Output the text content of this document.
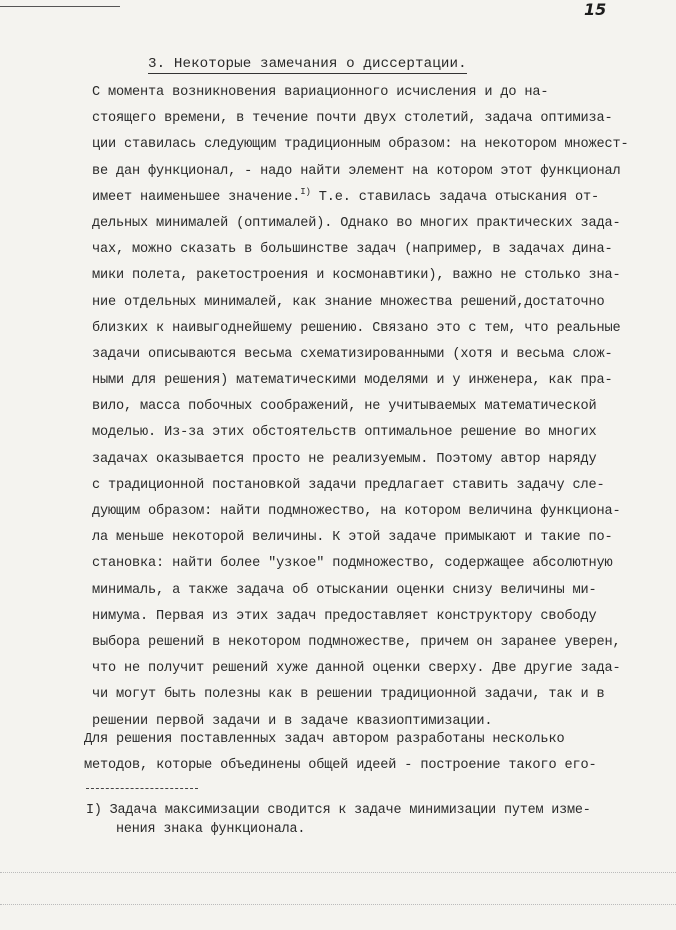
15
3. Некоторые замечания о диссертации.
С момента возникновения вариационного исчисления и до на-
стоящего времени, в течение почти двух столетий, задача оптимиза-
ции ставилась следующим традиционным образом: на некотором множест-
ве дан функционал, - надо найти элемент на котором этот функционал
имеет наименьшее значение.$^{I)}$ Т.е. ставилась задача отыскания от-
дельных минималей (оптималей). Однако во многих практических зада-
чах, можно сказать в большинстве задач (например, в задачах дина-
мики полета, ракетостроения и космонавтики), важно не столько зна-
ние отдельных минималей, как знание множества решений,достаточно
близких к наивыгоднейшему решению. Связано это с тем, что реальные
задачи описываются весьма схематизированными (хотя и весьма слож-
ными для решения) математическими моделями и у инженера, как пра-
вило, масса побочных соображений, не учитываемых математической
моделью. Из-за этих обстоятельств оптимальное решение во многих
задачах оказывается просто не реализуемым. Поэтому автор наряду
с традиционной постановкой задачи предлагает ставить задачу сле-
дующим образом: найти подмножество, на котором величина функциона-
ла меньше некоторой величины. К этой задаче примыкают и такие по-
становка: найти более "узкое" подмножество, содержащее абсолютную
минималь, а также задача об отыскании оценки снизу величины ми-
нимума. Первая из этих задач предоставляет конструктору свободу
выбора решений в некотором подмножестве, причем он заранее уверен,
что не получит решений хуже данной оценки сверху. Две другие зада-
чи могут быть полезны как в решении традиционной задачи, так и в
решении первой задачи и в задаче квазиоптимизации.
Для решения поставленных задач автором разработаны несколько
методов, которые объединены общей идеей - построение такого его-
I) Задача максимизации сводится к задаче минимизации путем изме-
нения знака функционала.
